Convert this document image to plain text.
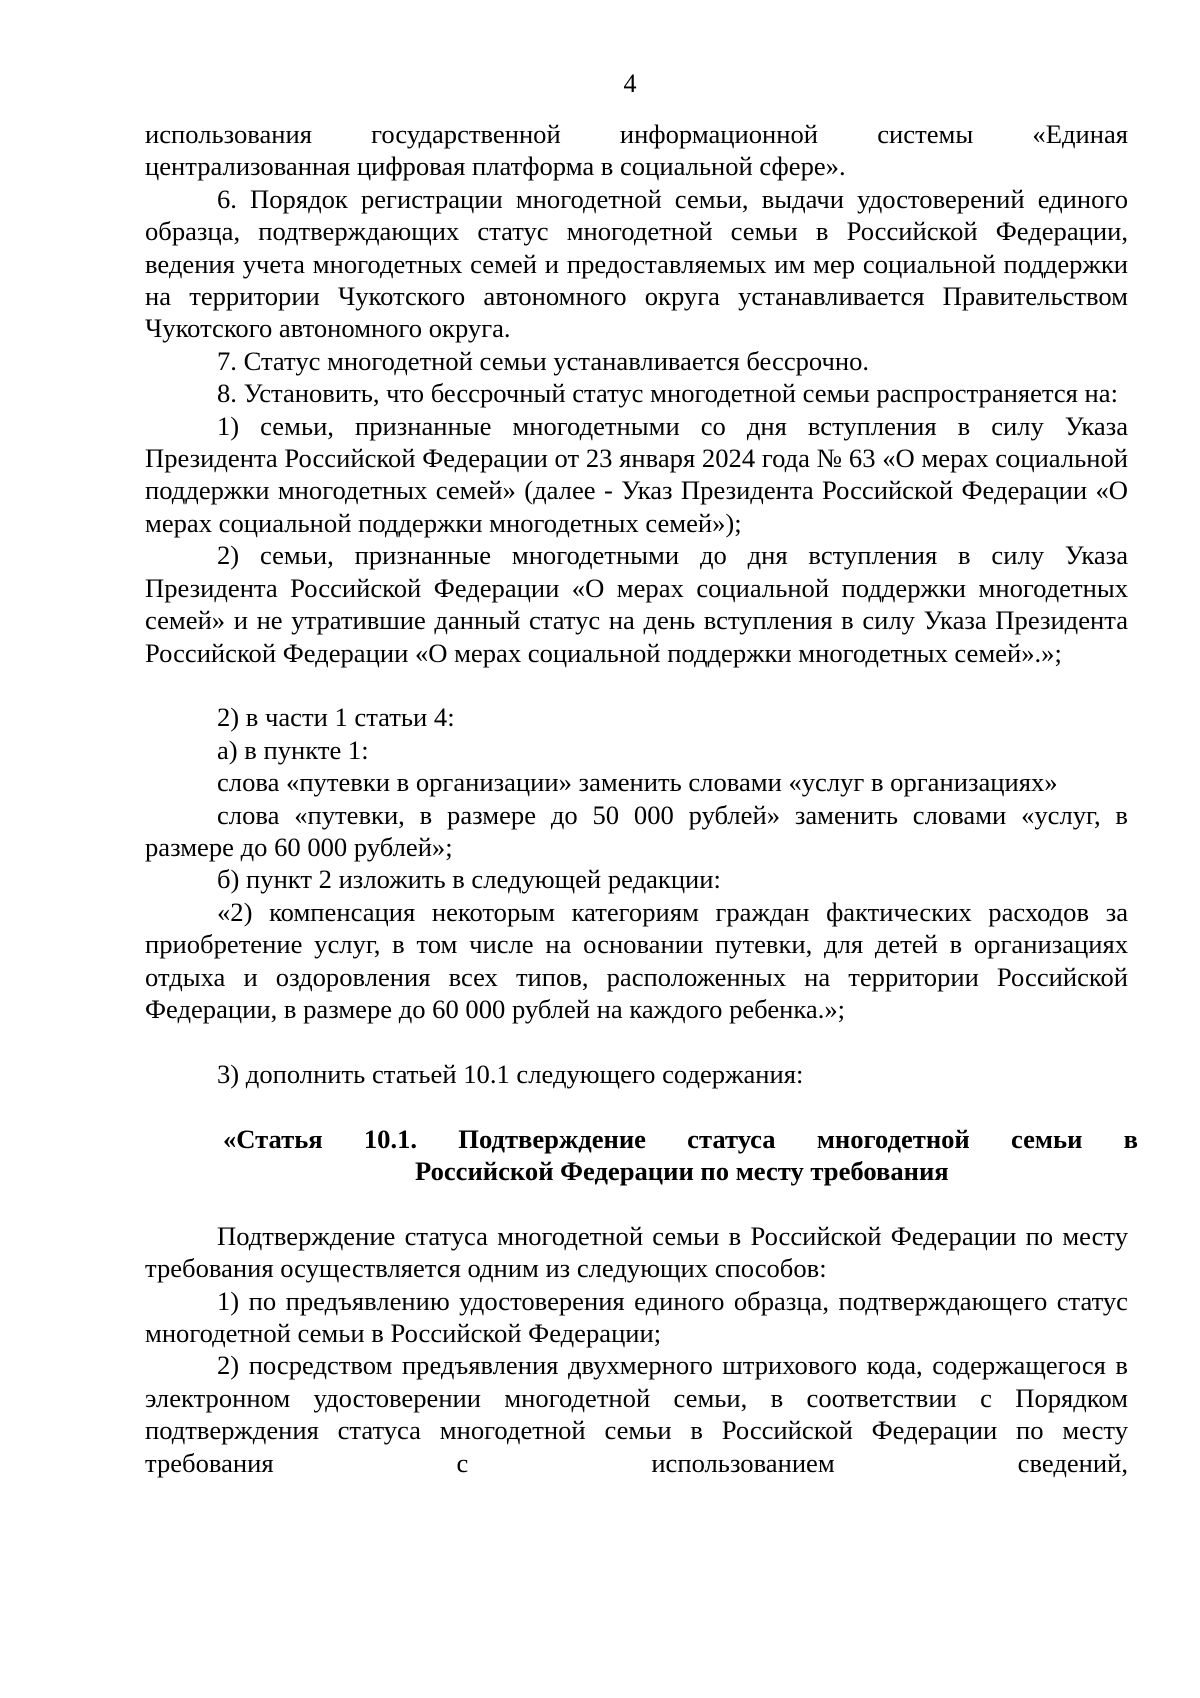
4

использования государственной информационной системы «Единая

централизованная цифровая платформа в социальной сфере».

6. Порядок регистрации многодетной семьи, выдачи удостоверений единого образца, подтверждающих статус многодетной семьи в Российской Федерации, ведения учета многодетных семей и предоставляемых им мер социальной поддержки на территории Чукотского автономного округа устанавливается Правительством Чукотского автономного округа.

7. Статус многодетной семьи устанавливается бессрочно.

8. Установить, что бессрочный статус многодетной семьи распространяется на:

1) семьи, признанные многодетными со дня вступления в силу Указа Президента Российской Федерации от 23 января 2024 года № 63 «О мерах социальной поддержки многодетных семей» (далее - Указ Президента Российской Федерации «О мерах социальной поддержки многодетных семей»);

2) семьи, признанные многодетными до дня вступления в силу Указа Президента Российской Федерации «О мерах социальной поддержки многодетных семей» и не утратившие данный статус на день вступления в силу Указа Президента Российской Федерации «О мерах социальной поддержки многодетных семей».»;

2) в части 1 статьи 4:

а) в пункте 1:

слова «путевки в организации» заменить словами «услуг в организациях»

слова «путевки, в размере до 50 000 рублей» заменить словами «услуг, в размере до 60 000 рублей»;

б) пункт 2 изложить в следующей редакции:

«2) компенсация некоторым категориям граждан фактических расходов за приобретение услуг, в том числе на основании путевки, для детей в организациях отдыха и оздоровления всех типов, расположенных на территории Российской Федерации, в размере до 60 000 рублей на каждого ребенка.»;

3) дополнить статьей 10.1 следующего содержания:

«Статья 10.1. Подтверждение статуса многодетной семьи в
Российской Федерации по месту требования

Подтверждение статуса многодетной семьи в Российской Федерации по месту требования осуществляется одним из следующих способов:

1) по предъявлению удостоверения единого образца, подтверждающего статус многодетной семьи в Российской Федерации;

2) посредством предъявления двухмерного штрихового кода, содержащегося в электронном удостоверении многодетной семьи, в соответствии с Порядком подтверждения статуса многодетной семьи в Российской Федерации по месту требования с использованием сведений,
